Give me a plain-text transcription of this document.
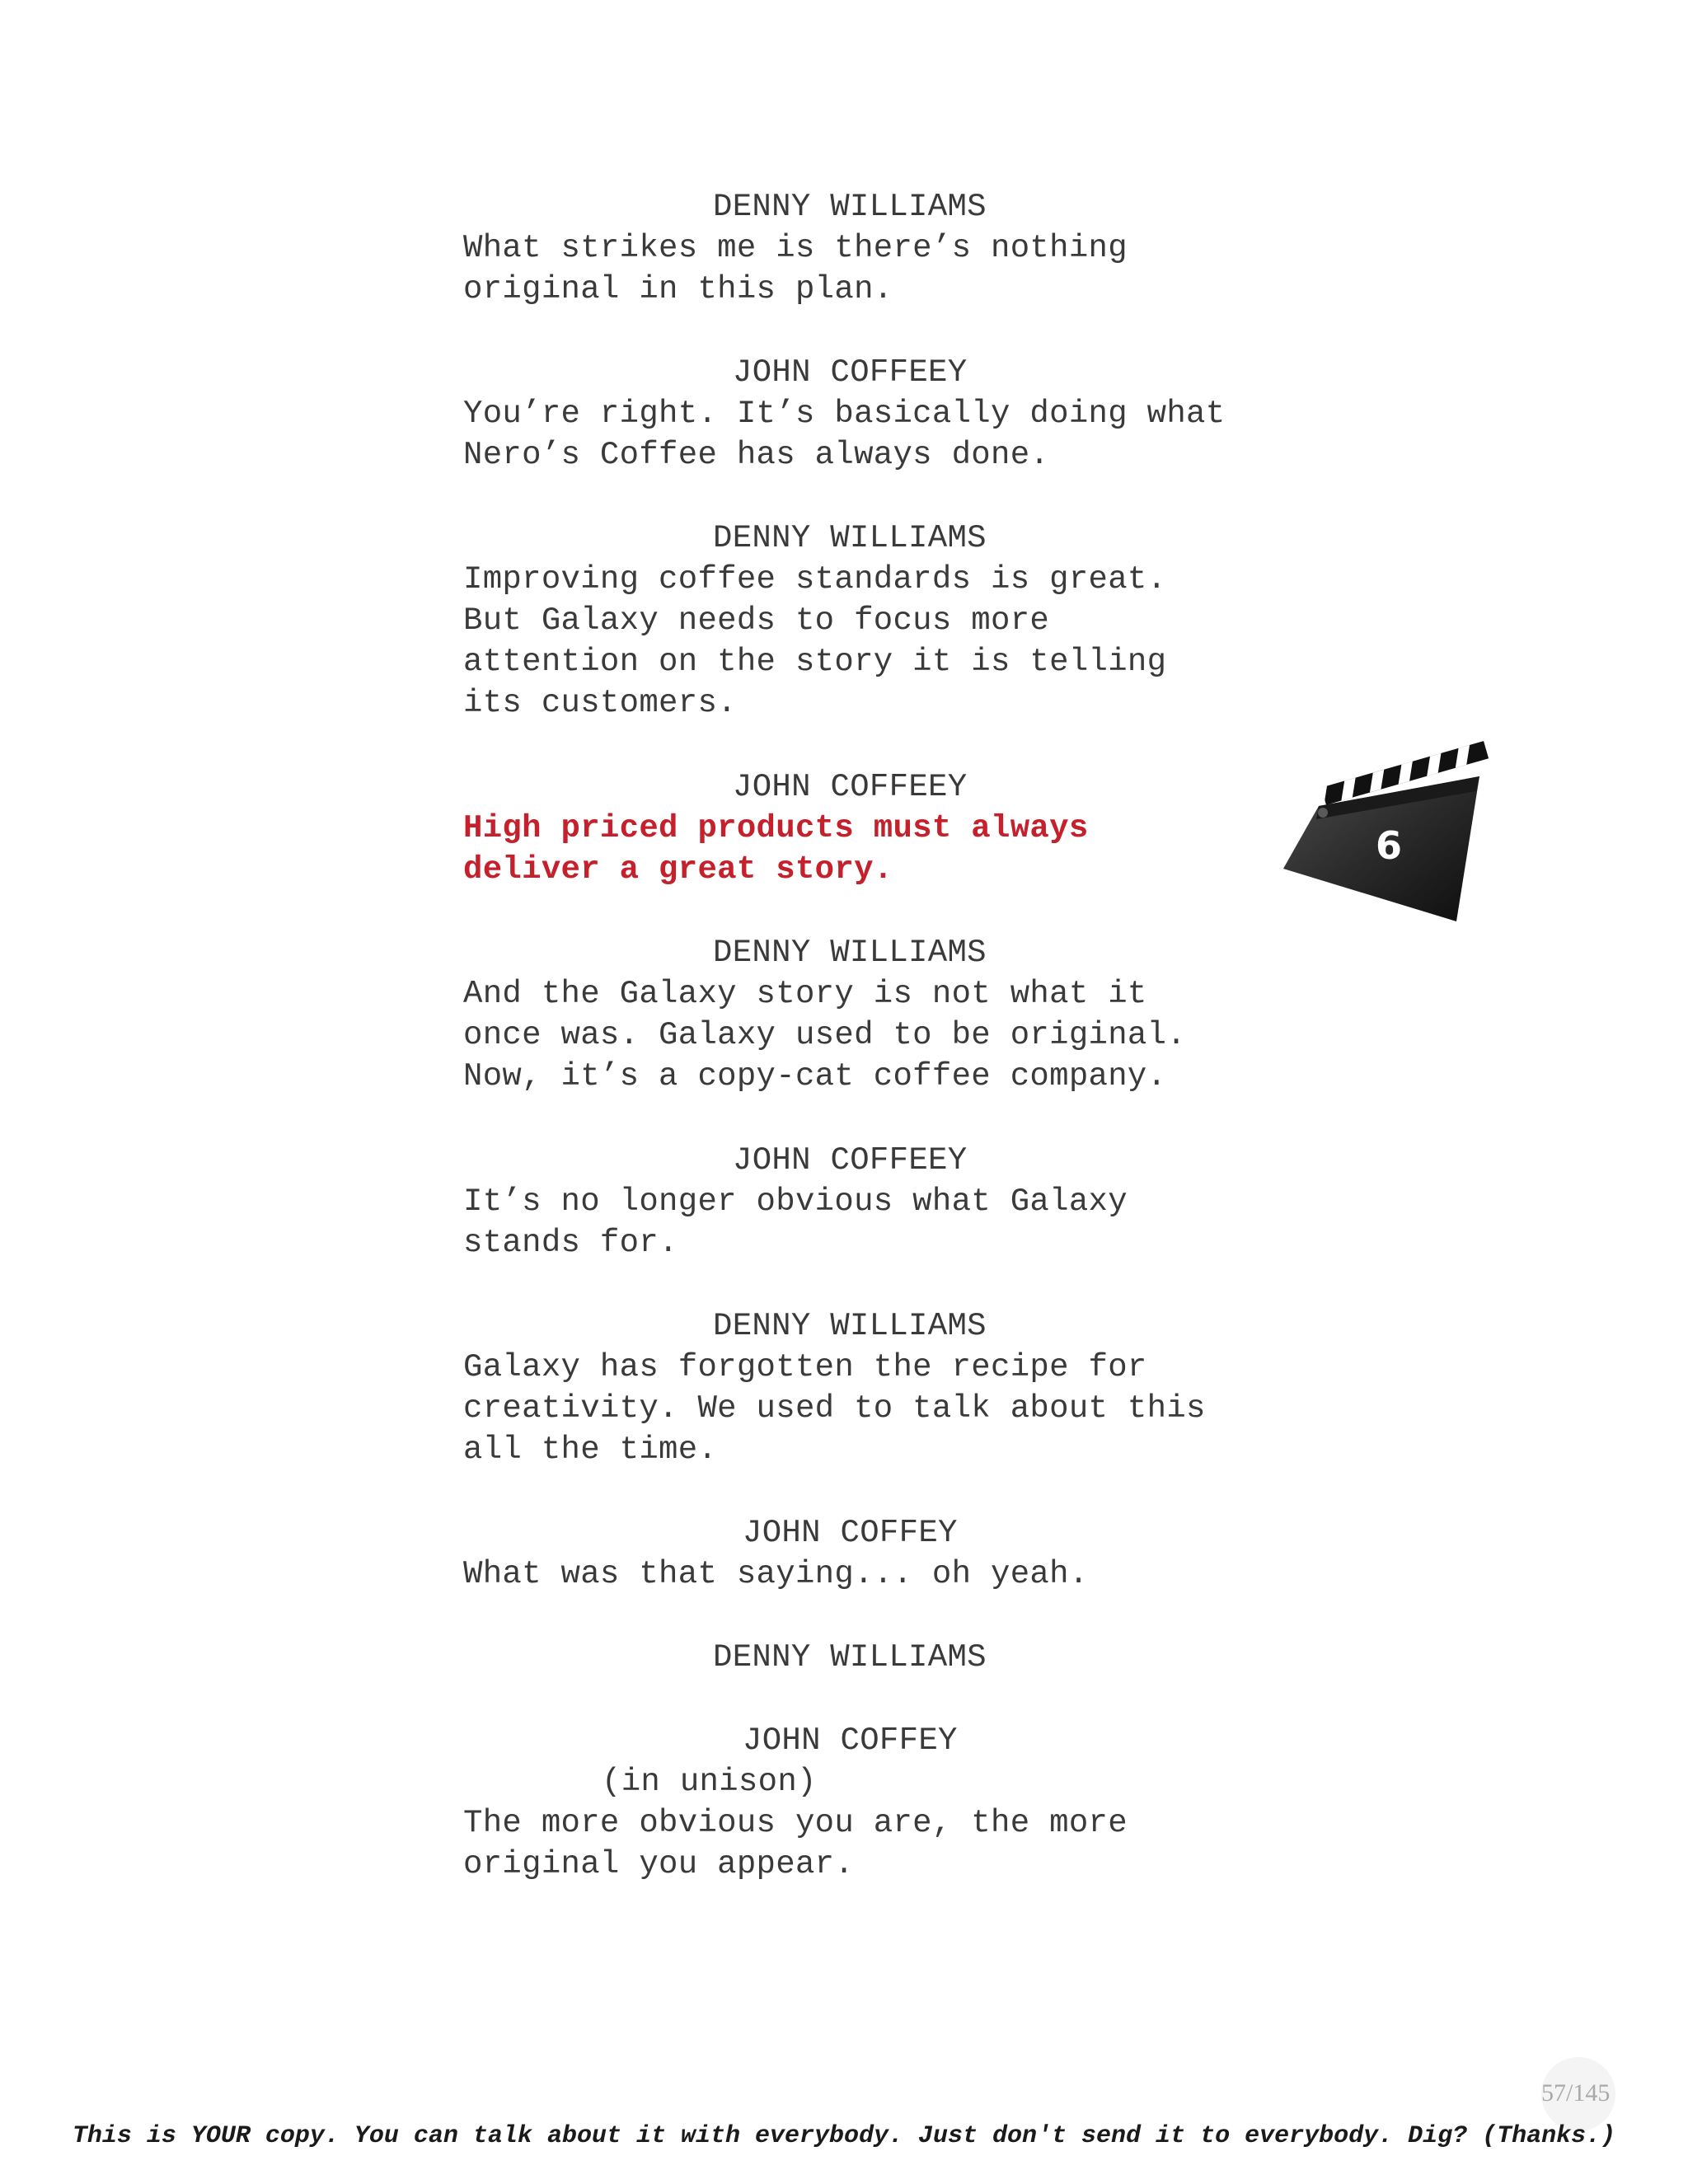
DENNY WILLIAMS
What strikes me is there’s nothing
original in this plan.
JOHN COFFEEY
You’re right. It’s basically doing what
Nero’s Coffee has always done.
DENNY WILLIAMS
Improving coffee standards is great.
But Galaxy needs to focus more
attention on the story it is telling
its customers.
JOHN COFFEEY
High priced products must always
deliver a great story.
DENNY WILLIAMS
And the Galaxy story is not what it
once was. Galaxy used to be original.
Now, it’s a copy-cat coffee company.
JOHN COFFEEY
It’s no longer obvious what Galaxy
stands for.
DENNY WILLIAMS
Galaxy has forgotten the recipe for
creativity. We used to talk about this
all the time.
JOHN COFFEY
What was that saying... oh yeah.
DENNY WILLIAMS
JOHN COFFEY
(in unison)
The more obvious you are, the more
original you appear.
6
57/145
This is YOUR copy. You can talk about it with everybody. Just don't send it to everybody. Dig? (Thanks.)
